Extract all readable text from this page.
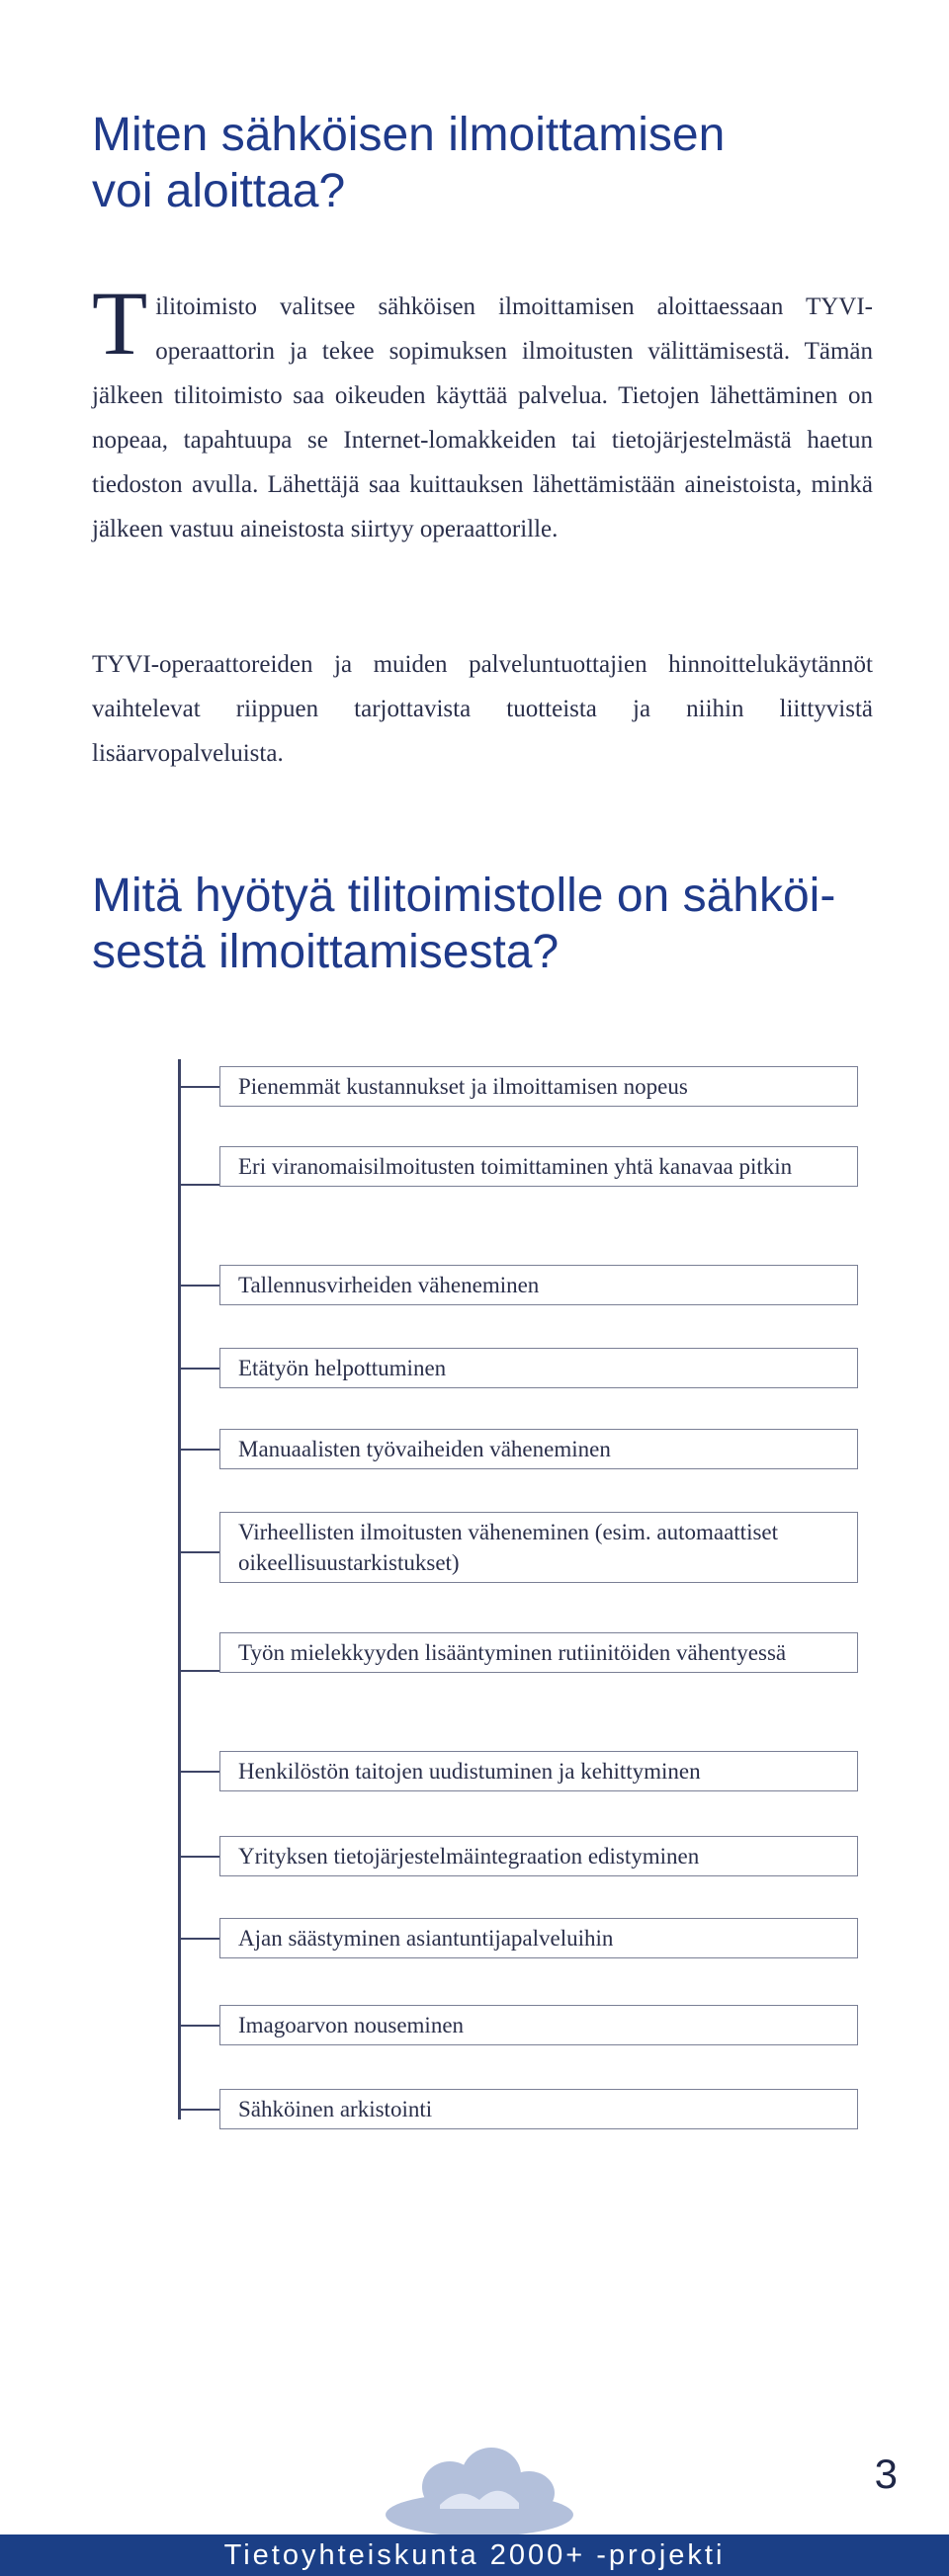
Miten sähköisen ilmoittamisen
voi aloittaa?

Tilitoimisto valitsee sähköisen ilmoittamisen aloittaessaan TYVI-operaattorin ja tekee sopimuksen ilmoitusten välittämisestä. Tämän jälkeen tilitoimisto saa oikeuden käyttää palvelua. Tietojen lähettäminen on nopeaa, tapahtuupa se Internet-lomakkeiden tai tietojärjestelmästä haetun tiedoston avulla. Lähettäjä saa kuittauksen lähettämistään aineistoista, minkä jälkeen vastuu aineistosta siirtyy operaattorille.

TYVI-operaattoreiden ja muiden palveluntuottajien hinnoittelukäytännöt vaihtelevat riippuen tarjottavista tuotteista ja niihin liittyvistä lisäarvopalveluista.

Mitä hyötyä tilitoimistolle on sähköi-
sestä ilmoittamisesta?
Pienemmät kustannukset ja ilmoittamisen nopeus
Eri viranomaisilmoitusten toimittaminen yhtä kanavaa pitkin
Tallennusvirheiden väheneminen
Etätyön helpottuminen
Manuaalisten työvaiheiden väheneminen
Virheellisten ilmoitusten väheneminen (esim. automaattiset oikeellisuustarkistukset)
Työn mielekkyyden lisääntyminen rutiinitöiden vähentyessä
Henkilöstön taitojen uudistuminen ja kehittyminen
Yrityksen tietojärjestelmäintegraation edistyminen
Ajan säästyminen asiantuntijapalveluihin
Imagoarvon nouseminen
Sähköinen arkistointi
3
Tietoyhteiskunta 2000+ -projekti
